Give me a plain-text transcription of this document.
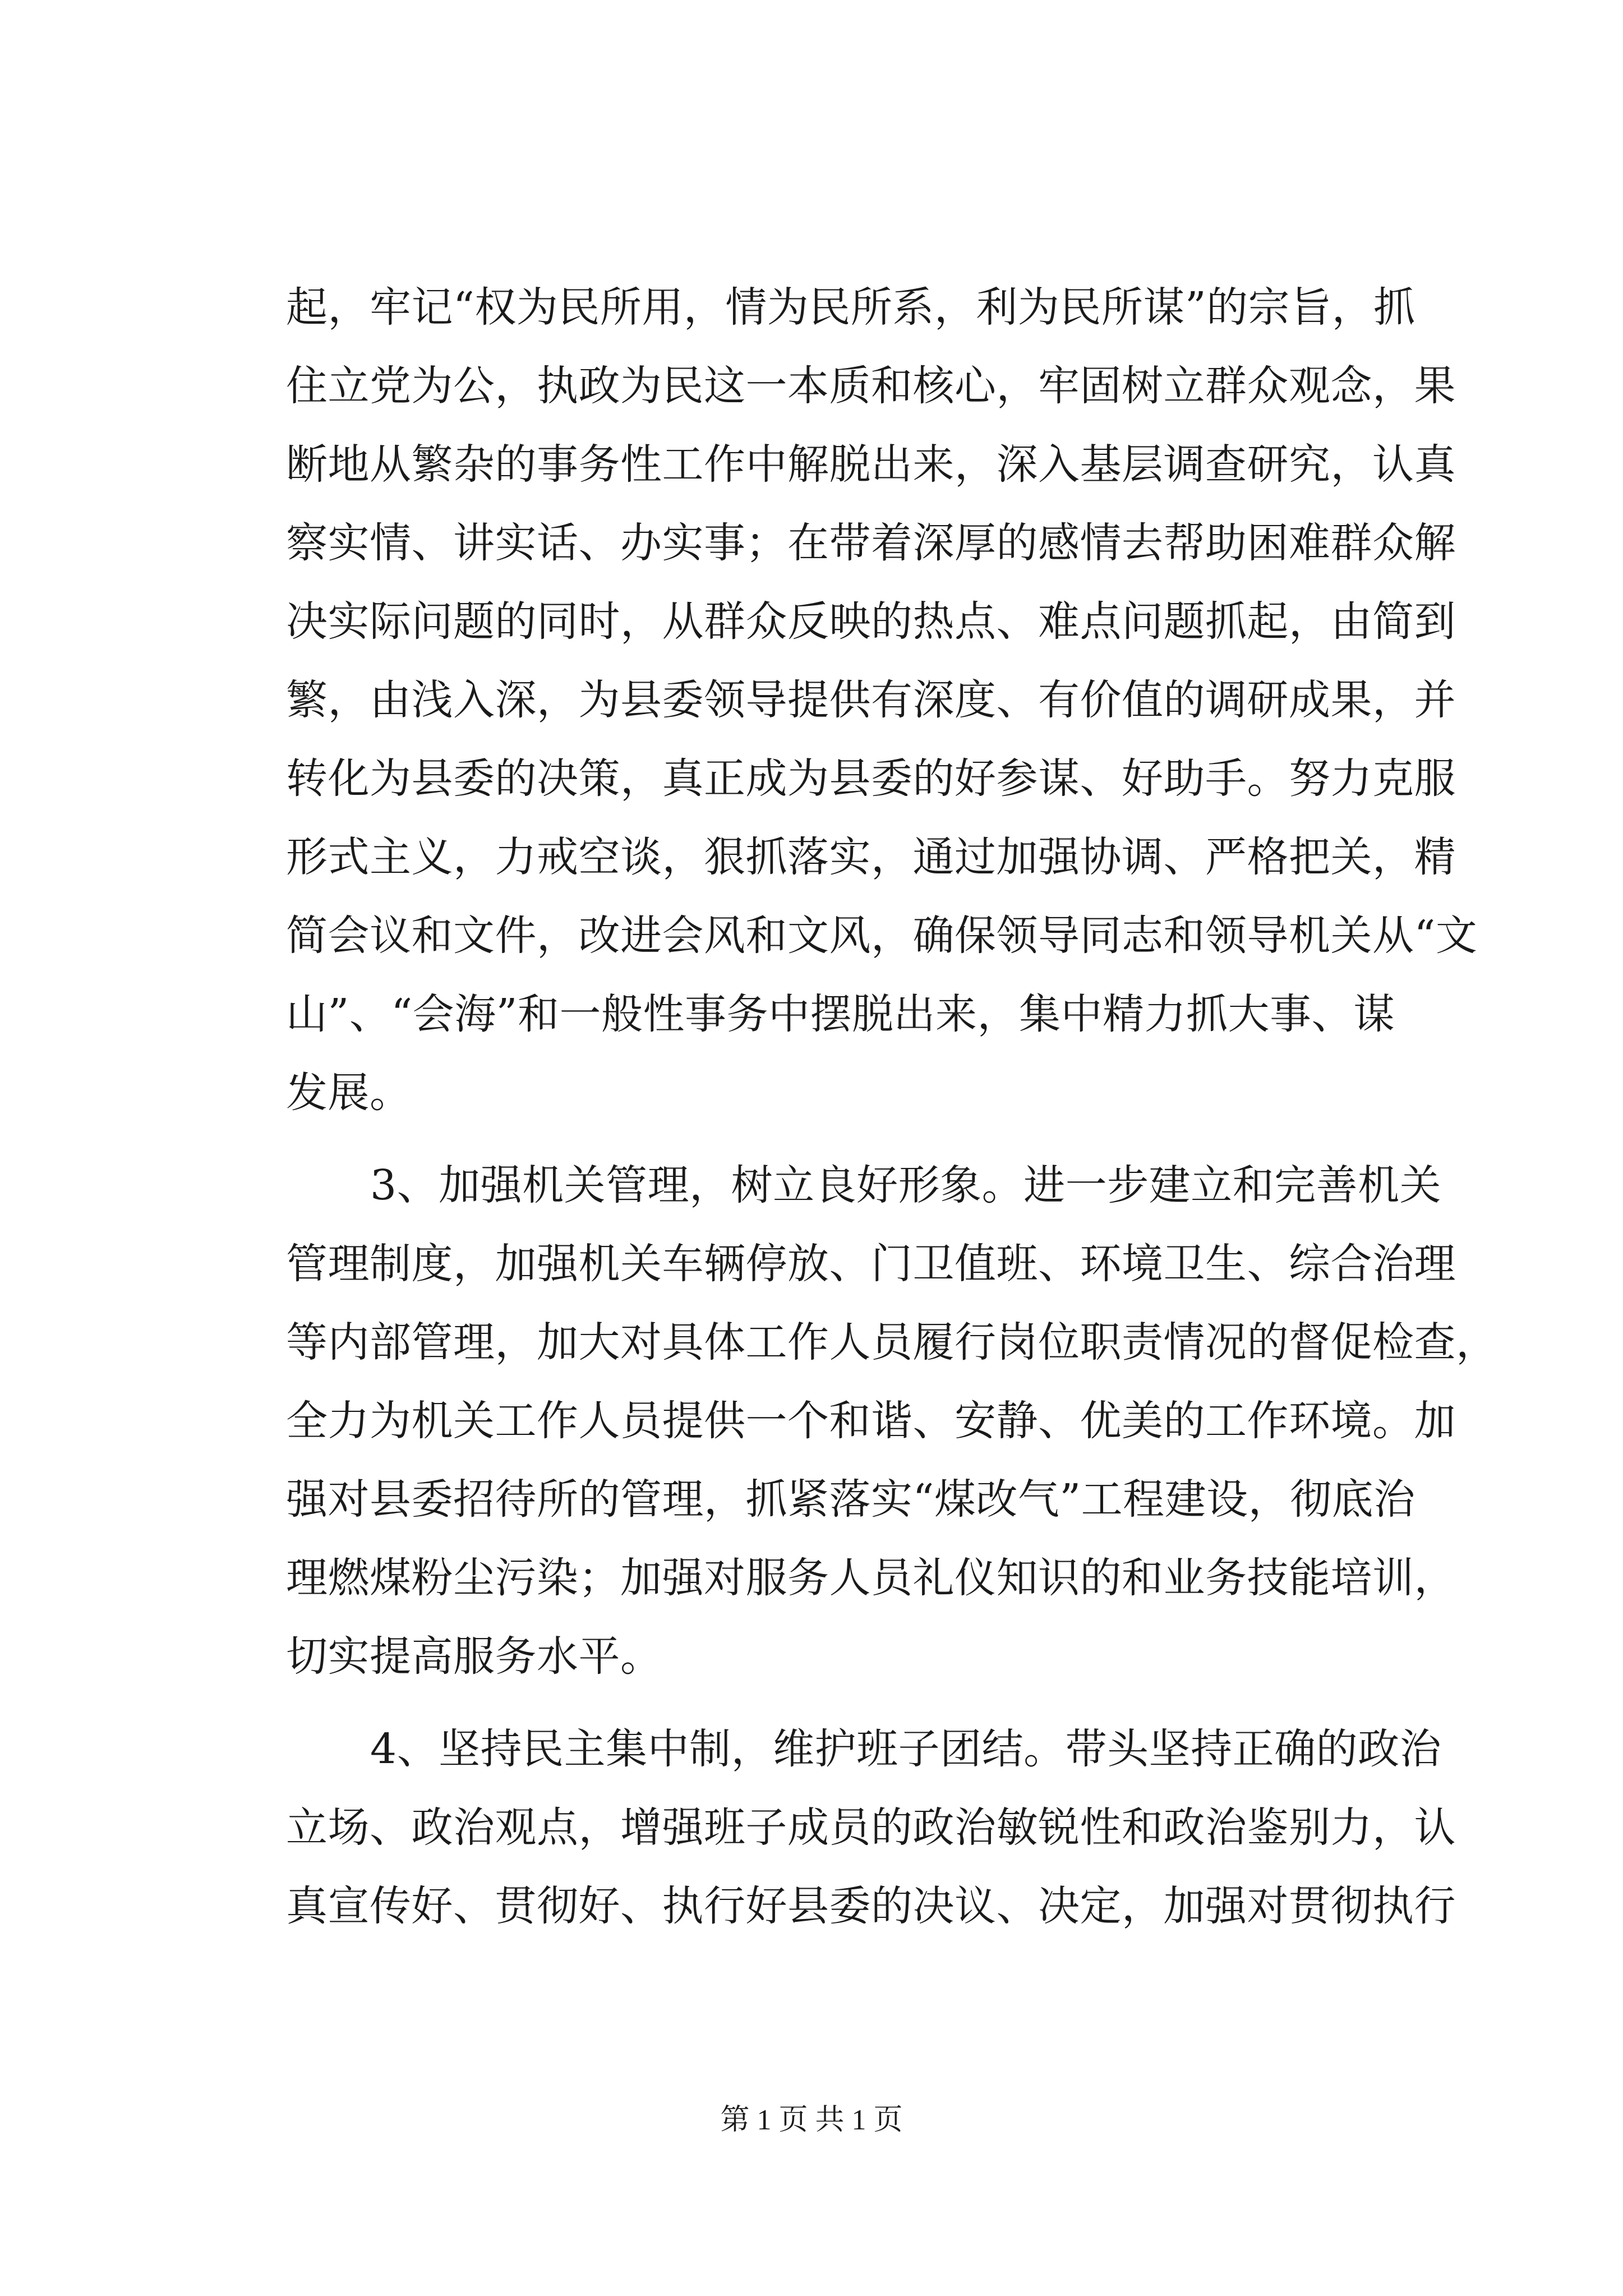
起，牢记“权为民所用，情为民所系，利为民所谋”的宗旨，抓
住立党为公，执政为民这一本质和核心，牢固树立群众观念，果
断地从繁杂的事务性工作中解脱出来，深入基层调查研究，认真
察实情、讲实话、办实事；在带着深厚的感情去帮助困难群众解
决实际问题的同时，从群众反映的热点、难点问题抓起，由简到
繁，由浅入深，为县委领导提供有深度、有价值的调研成果，并
转化为县委的决策，真正成为县委的好参谋、好助手。努力克服
形式主义，力戒空谈，狠抓落实，通过加强协调、严格把关，精
简会议和文件，改进会风和文风，确保领导同志和领导机关从“文
山”、“会海”和一般性事务中摆脱出来，集中精力抓大事、谋
发展。

3、加强机关管理，树立良好形象。进一步建立和完善机关
管理制度，加强机关车辆停放、门卫值班、环境卫生、综合治理
等内部管理，加大对具体工作人员履行岗位职责情况的督促检查，
全力为机关工作人员提供一个和谐、安静、优美的工作环境。加
强对县委招待所的管理，抓紧落实“煤改气”工程建设，彻底治
理燃煤粉尘污染；加强对服务人员礼仪知识的和业务技能培训，
切实提高服务水平。

4、坚持民主集中制，维护班子团结。带头坚持正确的政治
立场、政治观点，增强班子成员的政治敏锐性和政治鉴别力，认
真宣传好、贯彻好、执行好县委的决议、决定，加强对贯彻执行

第 1 页 共 1 页
